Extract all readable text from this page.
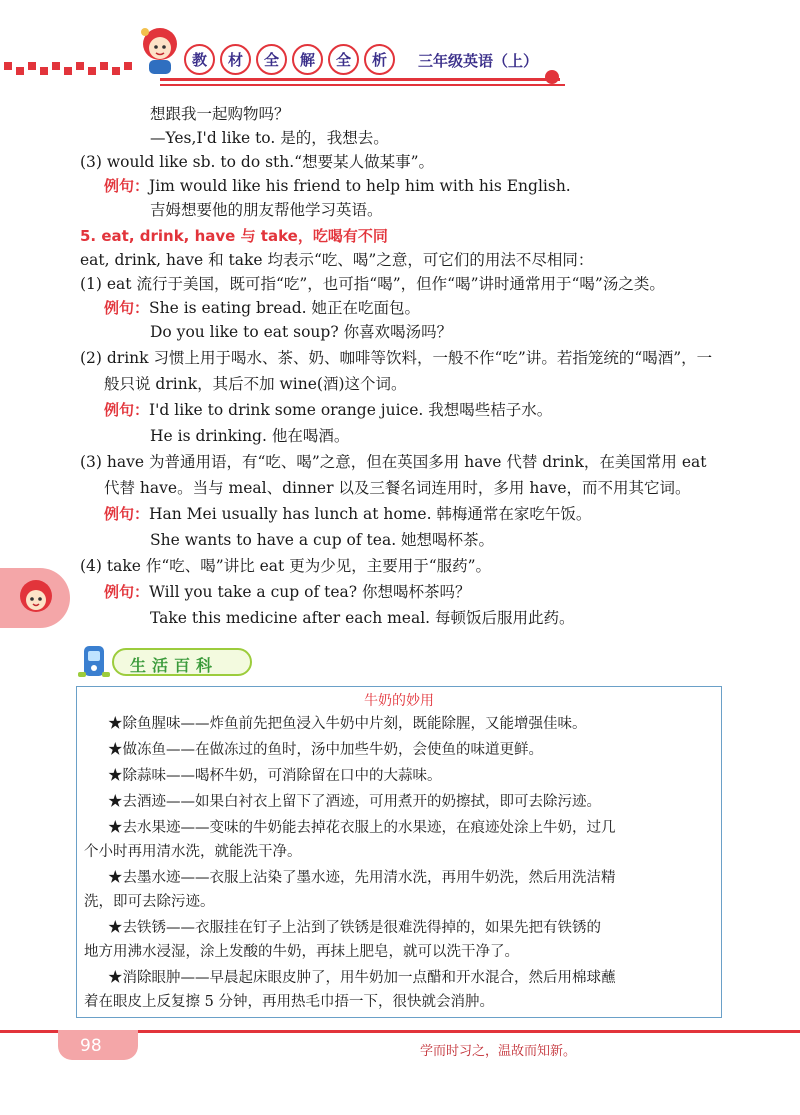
教	材	全	解	全	析	三年级英语（上）
想跟我一起购物吗？
—Yes,I'd like to. 是的，我想去。
(3) would like sb. to do sth.“想要某人做某事”。
例句：Jim would like his friend to help him with his English.
吉姆想要他的朋友帮他学习英语。
5. eat, drink, have 与 take，吃喝有不同
eat, drink, have 和 take 均表示“吃、喝”之意，可它们的用法不尽相同：
(1) eat 流行于美国，既可指“吃”，也可指“喝”，但作“喝”讲时通常用于“喝”汤之类。
例句：She is eating bread. 她正在吃面包。
Do you like to eat soup? 你喜欢喝汤吗？
(2) drink 习惯上用于喝水、茶、奶、咖啡等饮料，一般不作“吃”讲。若指笼统的“喝酒”，一
般只说 drink，其后不加 wine(酒)这个词。
例句：I'd like to drink some orange juice. 我想喝些桔子水。
He is drinking. 他在喝酒。
(3) have 为普通用语，有“吃、喝”之意，但在英国多用 have 代替 drink，在美国常用 eat
代替 have。当与 meal、dinner 以及三餐名词连用时，多用 have，而不用其它词。
例句：Han Mei usually has lunch at home. 韩梅通常在家吃午饭。
She wants to have a cup of tea. 她想喝杯茶。
(4) take 作“吃、喝”讲比 eat 更为少见，主要用于“服药”。
例句：Will you take a cup of tea? 你想喝杯茶吗？
Take this medicine after each meal. 每顿饭后服用此药。
生活百科
牛奶的妙用
★除鱼腥味——炸鱼前先把鱼浸入牛奶中片刻，既能除腥，又能增强佳味。
★做冻鱼——在做冻过的鱼时，汤中加些牛奶，会使鱼的味道更鲜。
★除蒜味——喝杯牛奶，可消除留在口中的大蒜味。
★去酒迹——如果白衬衣上留下了酒迹，可用煮开的奶擦拭，即可去除污迹。
★去水果迹——变味的牛奶能去掉花衣服上的水果迹，在痕迹处涂上牛奶，过几
个小时再用清水洗，就能洗干净。
★去墨水迹——衣服上沾染了墨水迹，先用清水洗，再用牛奶洗，然后用洗洁精
洗，即可去除污迹。
★去铁锈——衣服挂在钉子上沾到了铁锈是很难洗得掉的，如果先把有铁锈的
地方用沸水浸湿，涂上发酸的牛奶，再抹上肥皂，就可以洗干净了。
★消除眼肿——早晨起床眼皮肿了，用牛奶加一点醋和开水混合，然后用棉球蘸
着在眼皮上反复擦 5 分钟，再用热毛巾捂一下，很快就会消肿。
98	学而时习之，温故而知新。
